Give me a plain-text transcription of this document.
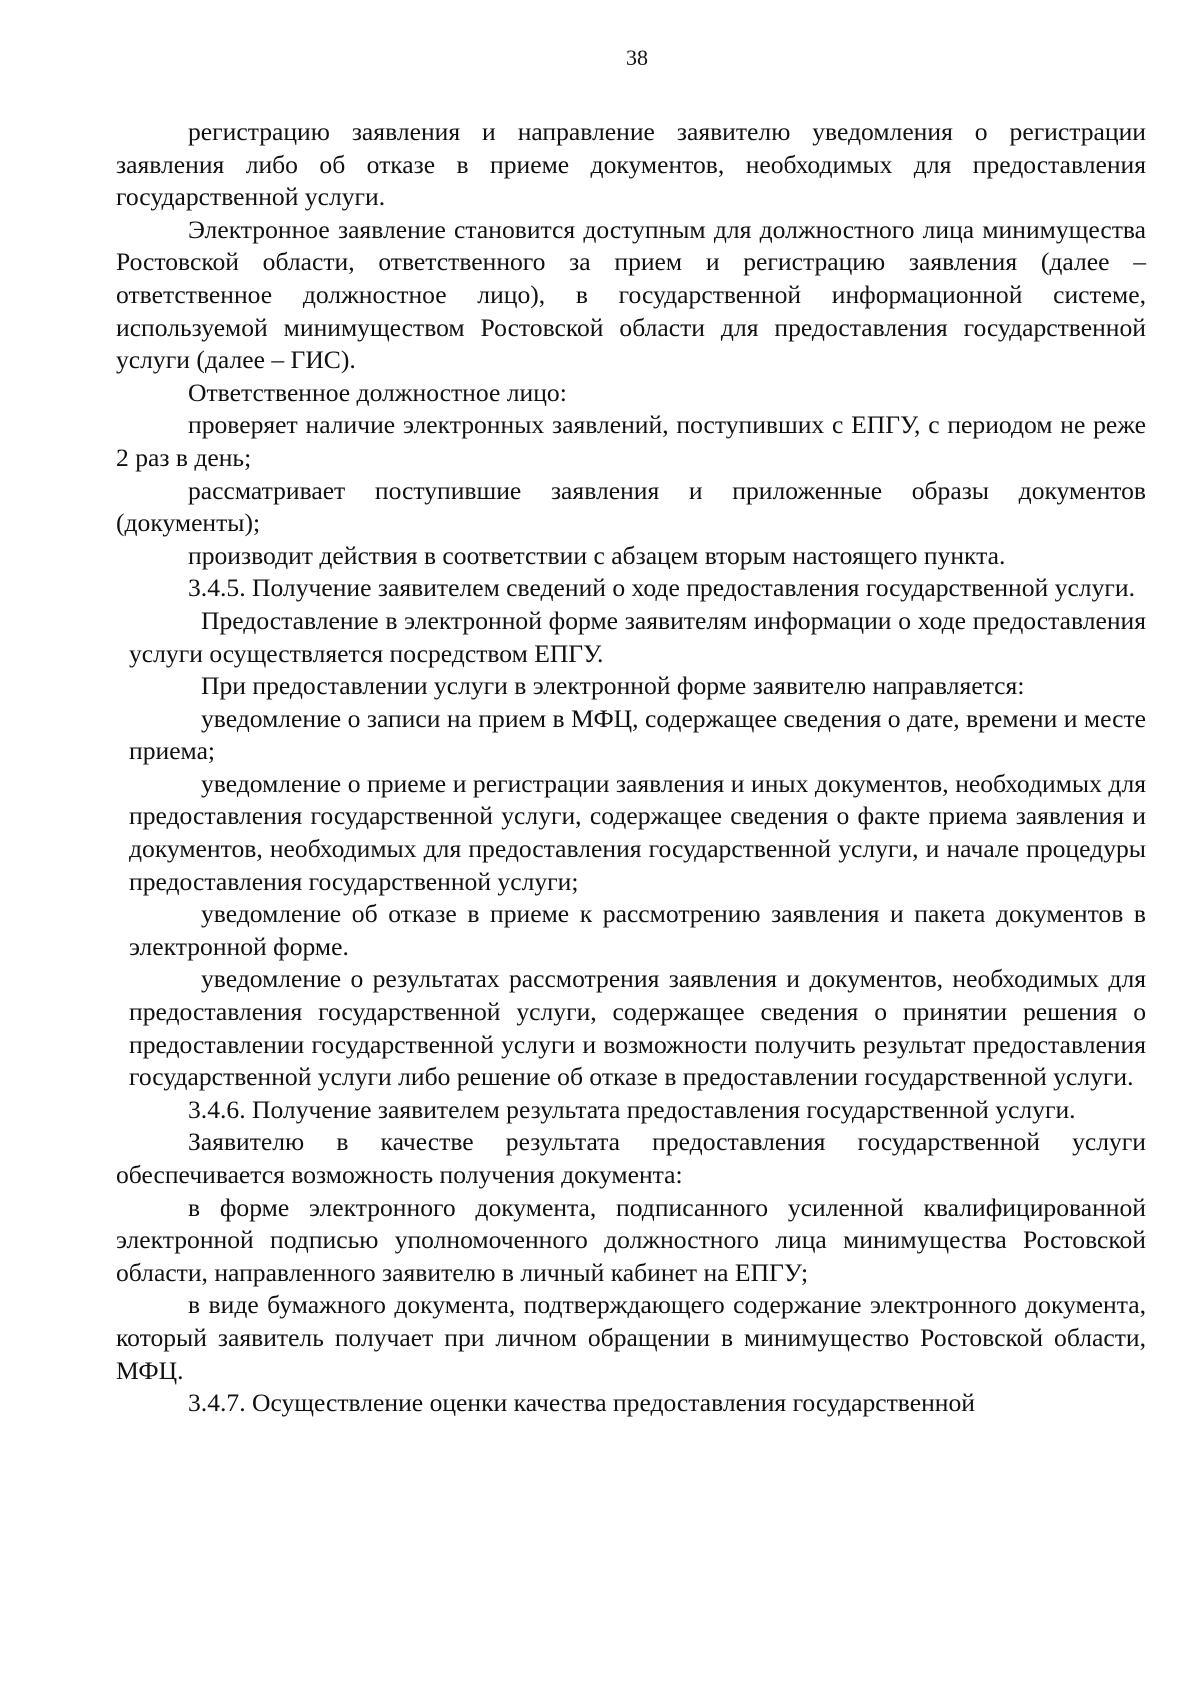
38

регистрацию заявления и направление заявителю уведомления о регистрации заявления либо об отказе в приеме документов, необходимых для предоставления государственной услуги.

Электронное заявление становится доступным для должностного лица минимущества Ростовской области, ответственного за прием и регистрацию заявления (далее – ответственное должностное лицо), в государственной информационной системе, используемой минимуществом Ростовской области для предоставления государственной услуги (далее – ГИС).

Ответственное должностное лицо:

проверяет наличие электронных заявлений, поступивших с ЕПГУ, с периодом не реже 2 раз в день;

рассматривает поступившие заявления и приложенные образы документов (документы);

производит действия в соответствии с абзацем вторым настоящего пункта.

3.4.5. Получение заявителем сведений о ходе предоставления государственной услуги.

Предоставление в электронной форме заявителям информации о ходе предоставления услуги осуществляется посредством ЕПГУ.

При предоставлении услуги в электронной форме заявителю направляется:

уведомление о записи на прием в МФЦ, содержащее сведения о дате, времени и месте приема;

уведомление о приеме и регистрации заявления и иных документов, необходимых для предоставления государственной услуги, содержащее сведения о факте приема заявления и документов, необходимых для предоставления государственной услуги, и начале процедуры предоставления государственной услуги;

уведомление об отказе в приеме к рассмотрению заявления и пакета документов в электронной форме.

уведомление о результатах рассмотрения заявления и документов, необходимых для предоставления государственной услуги, содержащее сведения о принятии решения о предоставлении государственной услуги и возможности получить результат предоставления государственной услуги либо решение об отказе в предоставлении государственной услуги.

3.4.6. Получение заявителем результата предоставления государственной услуги.

Заявителю в качестве результата предоставления государственной услуги обеспечивается возможность получения документа:

в форме электронного документа, подписанного усиленной квалифицированной электронной подписью уполномоченного должностного лица минимущества Ростовской области, направленного заявителю в личный кабинет на ЕПГУ;

в виде бумажного документа, подтверждающего содержание электронного документа, который заявитель получает при личном обращении в минимущество Ростовской области, МФЦ.

3.4.7. Осуществление оценки качества предоставления государственной
